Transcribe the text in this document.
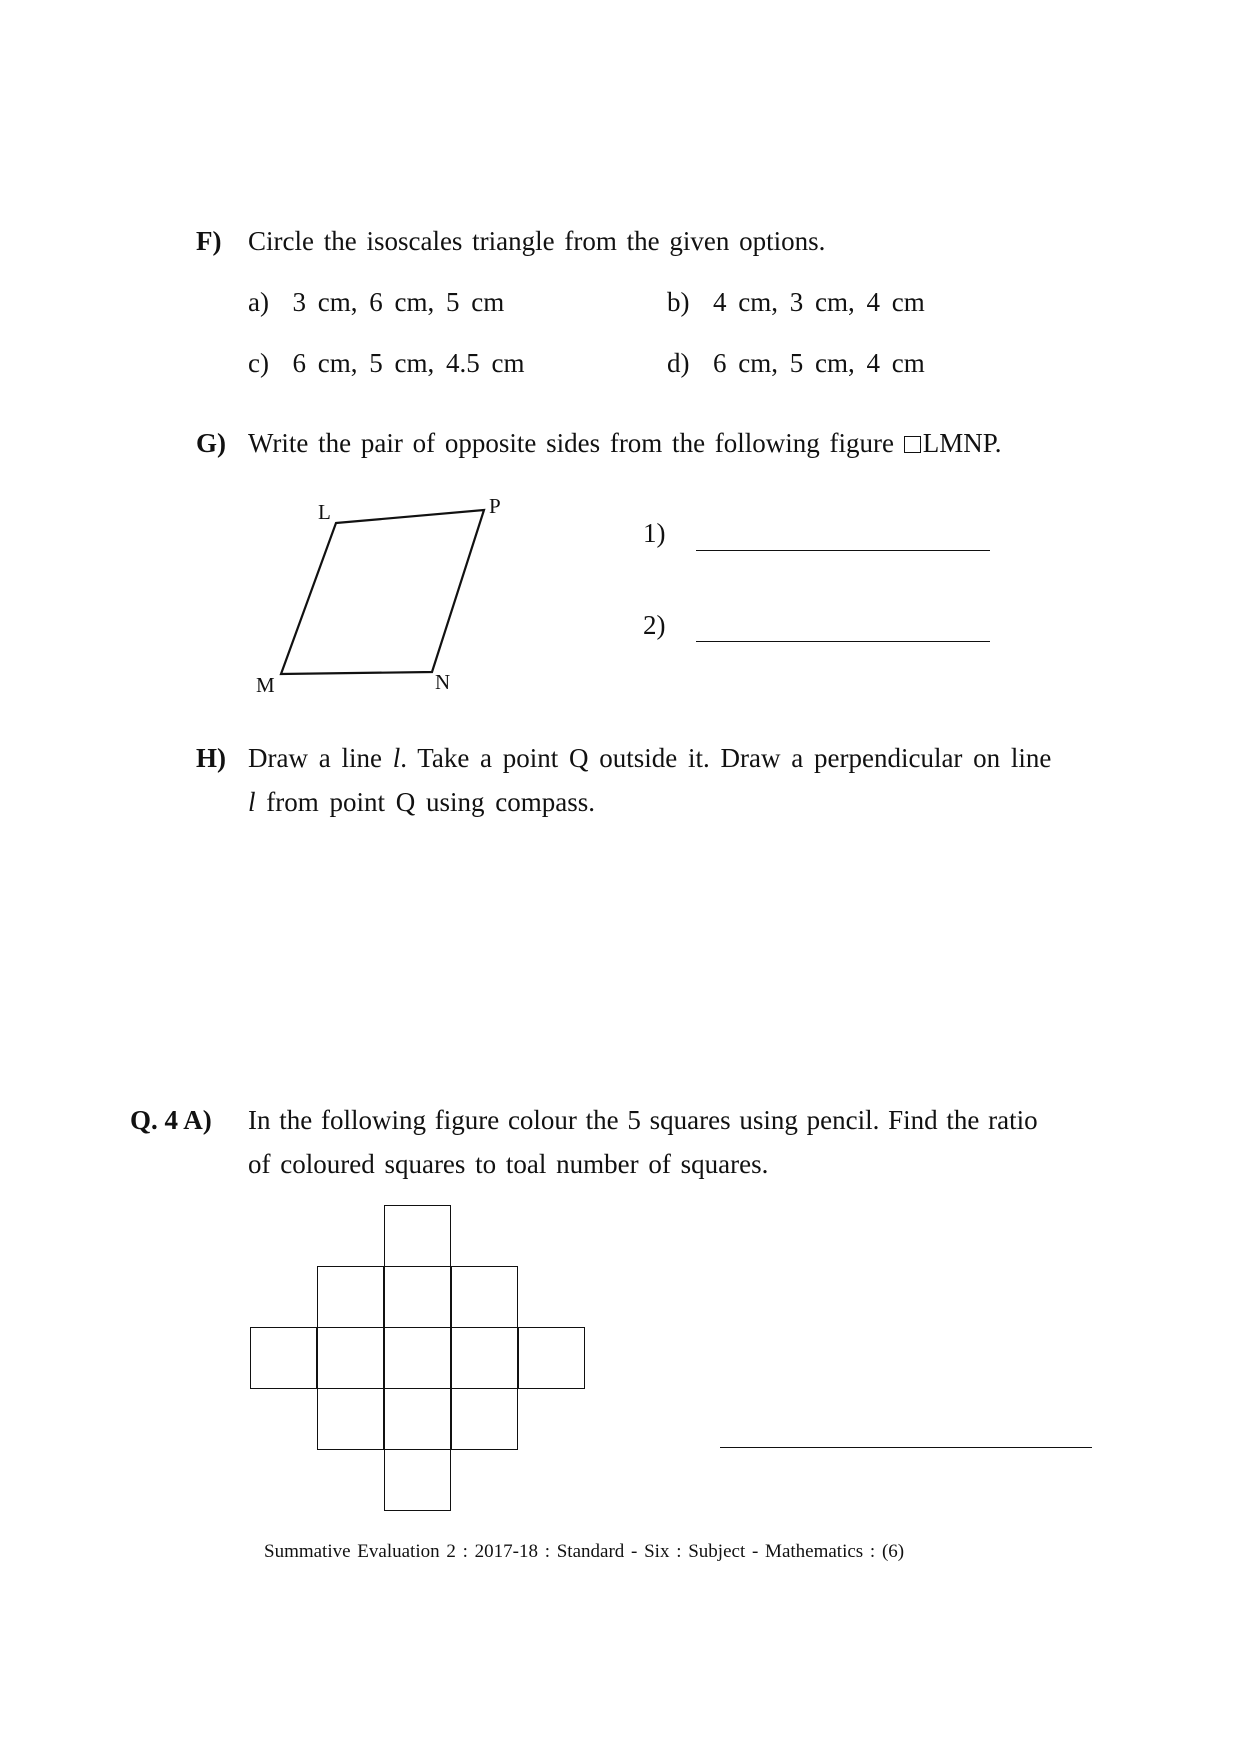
F) Circle the isoscales triangle from the given options.
a) 3 cm, 6 cm, 5 cm	b) 4 cm, 3 cm, 4 cm
c) 6 cm, 5 cm, 4.5 cm	d) 6 cm, 5 cm, 4 cm
G) Write the pair of opposite sides from the following figure LMNP.
L	P
M	N
1)
2)
H) Draw a line l. Take a point Q outside it. Draw a perpendicular on line
l from point Q using compass.
Q. 4 A) In the following figure colour the 5 squares using pencil. Find the ratio
of coloured squares to toal number of squares.
Summative Evaluation 2 : 2017-18 : Standard - Six : Subject - Mathematics : (6)
